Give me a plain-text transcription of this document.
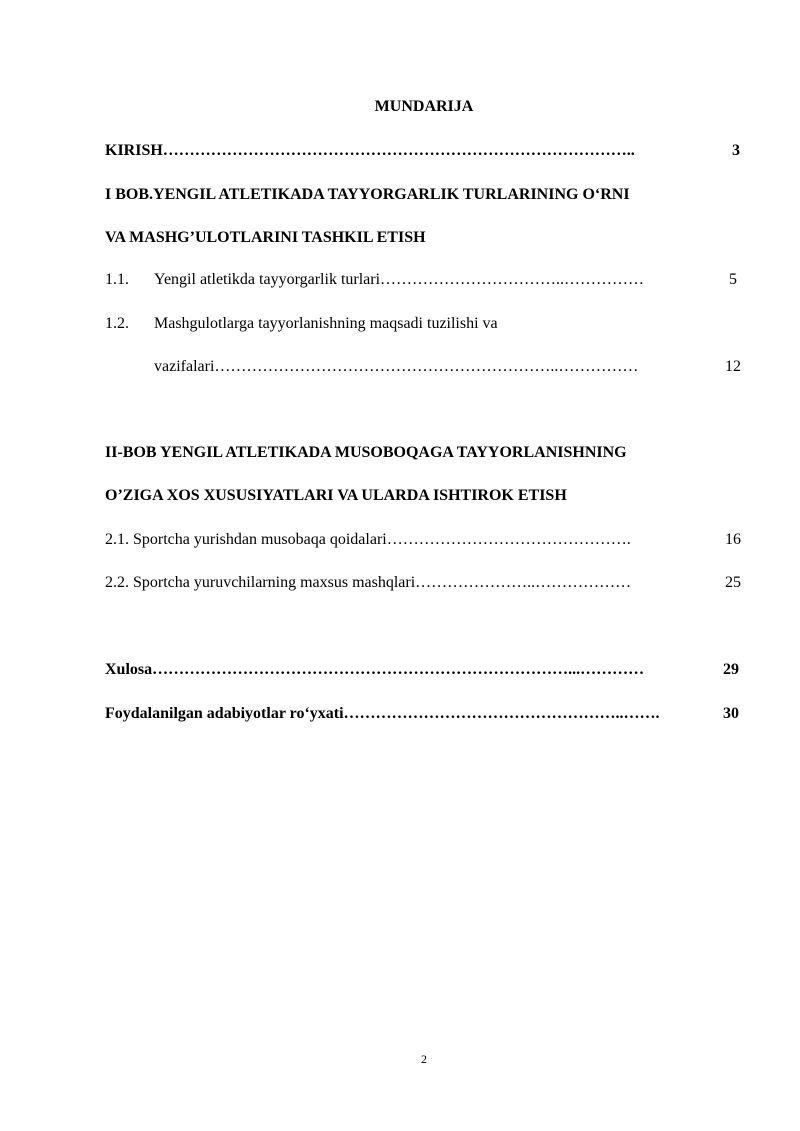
MUNDARIJA
KIRISH ……………………………………………………………………………..	3
I BOB.YENGIL ATLETIKADA TAYYORGARLIK TURLARINING O‘RNI
VA MASHG’ULOTLARINI TASHKIL ETISH
1.1.	Yengil atletikda tayyorgarlik turlari ……………………………..……………	5
1.2. Mashgulotlarga tayyorlanishning maqsadi tuzilishi va
vazifalari ………………………………………………………..……………	12
II-BOB YENGIL ATLETIKADA MUSOBOQAGA TAYYORLANISHNING
O’ZIGA XOS XUSUSIYATLARI VA ULARDA ISHTIROK ETISH
2.1. Sportcha yurishdan musobaqa qoidalari ……………………………………….	16
2.2. Sportcha yuruvchilarning maxsus mashqlari …………………..………………	25
Xulosa ……………………………………………………………………...…………	29
Foydalanilgan adabiyotlar ro‘yxati ……………………………………………..…….	30
2
